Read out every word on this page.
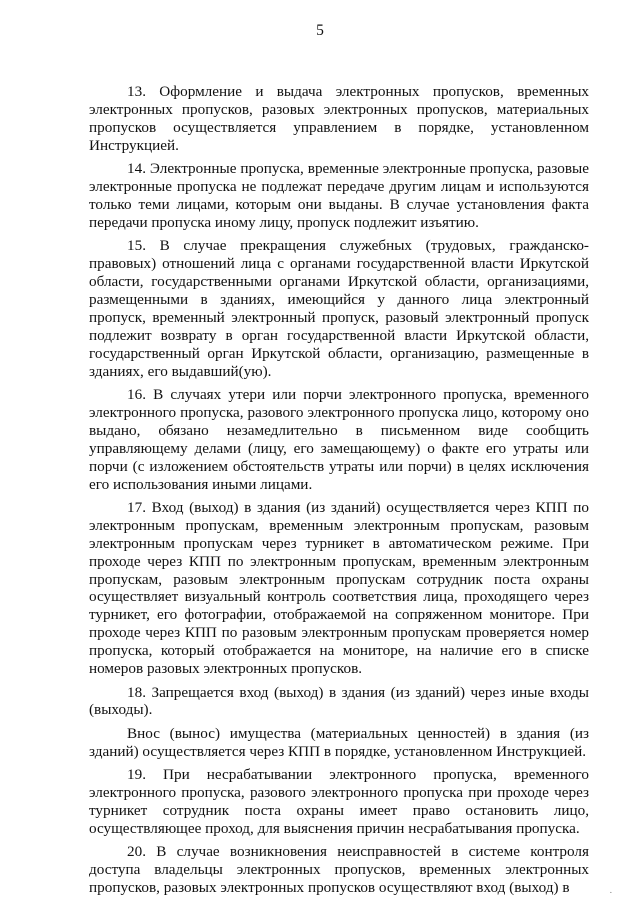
5

13. Оформление и выдача электронных пропусков, временных электронных пропусков, разовых электронных пропусков, материальных пропусков осуществляется управлением в порядке, установленном Инструкцией.

14. Электронные пропуска, временные электронные пропуска, разовые электронные пропуска не подлежат передаче другим лицам и используются только теми лицами, которым они выданы. В случае установления факта передачи пропуска иному лицу, пропуск подлежит изъятию.

15. В случае прекращения служебных (трудовых, гражданско-правовых) отношений лица с органами государственной власти Иркутской области, государственными органами Иркутской области, организациями, размещенными в зданиях, имеющийся у данного лица электронный пропуск, временный электронный пропуск, разовый электронный пропуск подлежит возврату в орган государственной власти Иркутской области, государственный орган Иркутской области, организацию, размещенные в зданиях, его выдавший(ую).

16. В случаях утери или порчи электронного пропуска, временного электронного пропуска, разового электронного пропуска лицо, которому оно выдано, обязано незамедлительно в письменном виде сообщить управляющему делами (лицу, его замещающему) о факте его утраты или порчи (с изложением обстоятельств утраты или порчи) в целях исключения его использования иными лицами.

17. Вход (выход) в здания (из зданий) осуществляется через КПП по электронным пропускам, временным электронным пропускам, разовым электронным пропускам через турникет в автоматическом режиме. При проходе через КПП по электронным пропускам, временным электронным пропускам, разовым электронным пропускам сотрудник поста охраны осуществляет визуальный контроль соответствия лица, проходящего через турникет, его фотографии, отображаемой на сопряженном мониторе. При проходе через КПП по разовым электронным пропускам проверяется номер пропуска, который отображается на мониторе, на наличие его в списке номеров разовых электронных пропусков.

18. Запрещается вход (выход) в здания (из зданий) через иные входы (выходы).

Внос (вынос) имущества (материальных ценностей) в здания (из зданий) осуществляется через КПП в порядке, установленном Инструкцией.

19. При несрабатывании электронного пропуска, временного электронного пропуска, разового электронного пропуска при проходе через турникет сотрудник поста охраны имеет право остановить лицо, осуществляющее проход, для выяснения причин несрабатывания пропуска.

20. В случае возникновения неисправностей в системе контроля доступа владельцы электронных пропусков, временных электронных пропусков, разовых электронных пропусков осуществляют вход (выход) в	.
